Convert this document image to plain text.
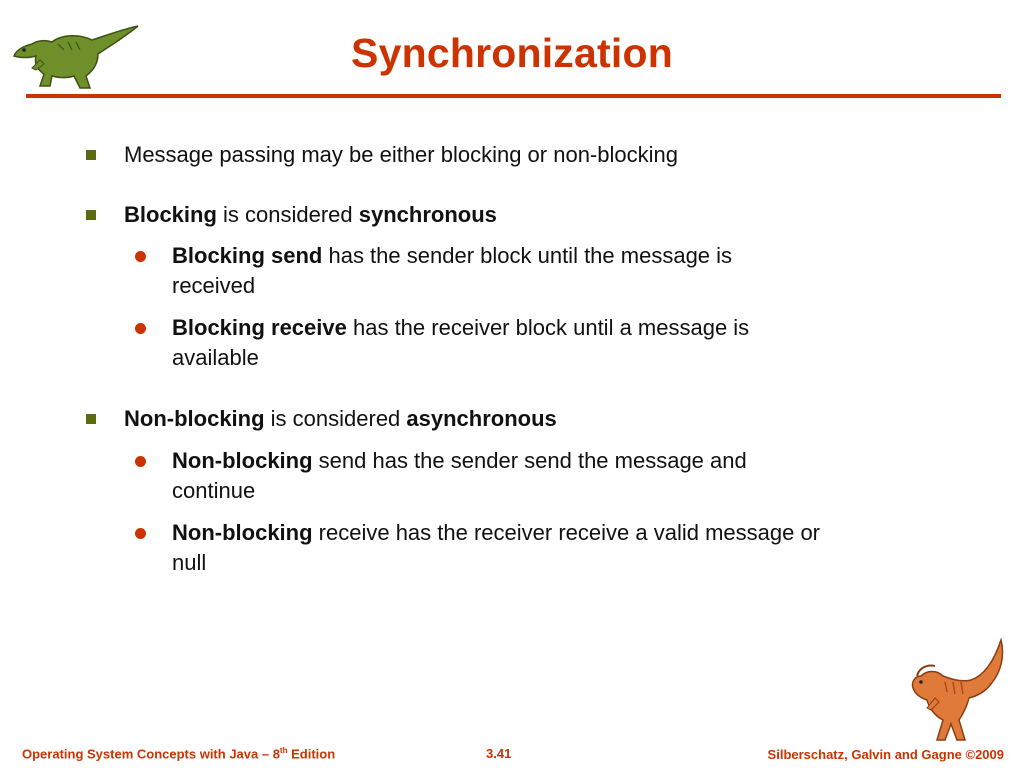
Synchronization
Message passing may be either blocking or non-blocking
Blocking is considered synchronous
Blocking send has the sender block until the message is
received
Blocking receive has the receiver block until a message is
available
Non-blocking is considered asynchronous
Non-blocking send has the sender send the message and
continue
Non-blocking receive has the receiver receive a valid message or
null
Operating System Concepts with Java – 8th Edition	3.41	Silberschatz, Galvin and Gagne ©2009
